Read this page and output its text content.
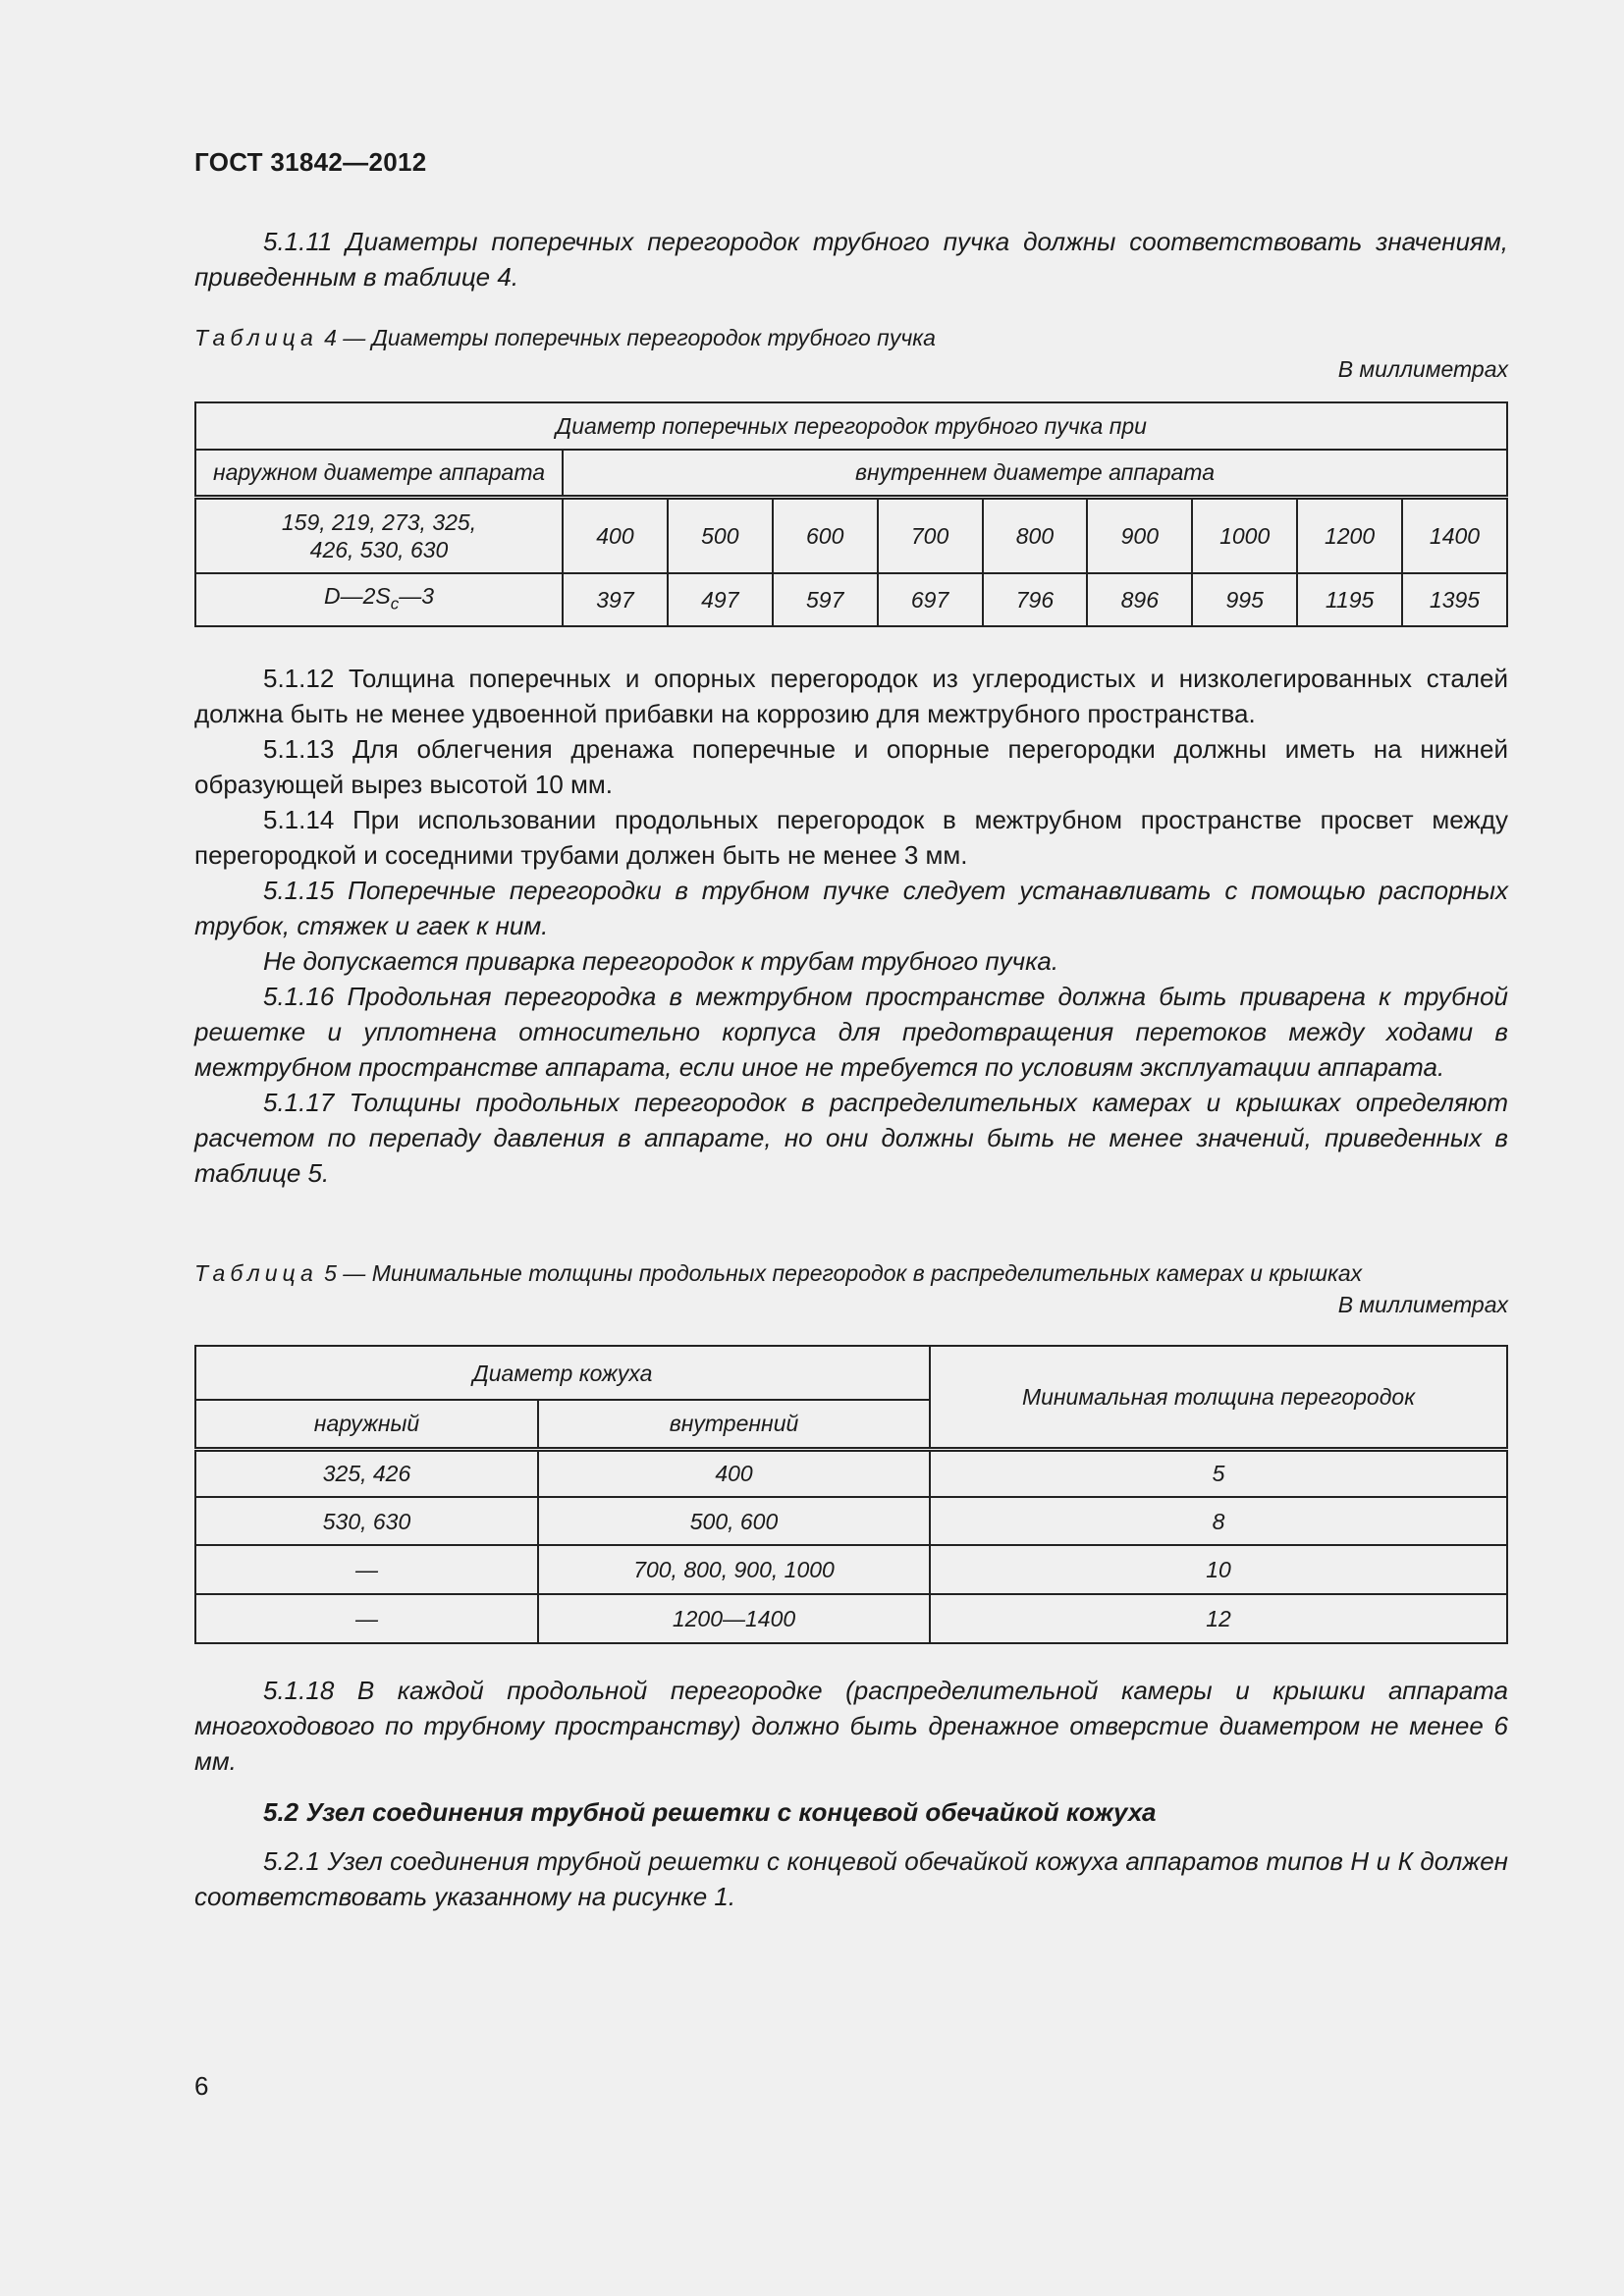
ГОСТ 31842—2012

5.1.11 Диаметры поперечных перегородок трубного пучка должны соответствовать значениям, приведенным в таблице 4.

Таблица 4 — Диаметры поперечных перегородок трубного пучка

В миллиметрах

Диаметр поперечных перегородок трубного пучка при									
наружном диаметре аппарата	внутреннем диаметре аппарата								
159, 219, 273, 325, 426, 530, 630	400	500	600	700	800	900	1000	1200	1400
$D—2S_с—3$	397	497	597	697	796	896	995	1195	1395

5.1.12 Толщина поперечных и опорных перегородок из углеродистых и низколегированных сталей должна быть не менее удвоенной прибавки на коррозию для межтрубного пространства.

5.1.13 Для облегчения дренажа поперечные и опорные перегородки должны иметь на нижней образующей вырез высотой 10 мм.

5.1.14 При использовании продольных перегородок в межтрубном пространстве просвет между перегородкой и соседними трубами должен быть не менее 3 мм.

5.1.15 Поперечные перегородки в трубном пучке следует устанавливать с помощью распорных трубок, стяжек и гаек к ним.

Не допускается приварка перегородок к трубам трубного пучка.

5.1.16 Продольная перегородка в межтрубном пространстве должна быть приварена к трубной решетке и уплотнена относительно корпуса для предотвращения перетоков между ходами в межтрубном пространстве аппарата, если иное не требуется по условиям эксплуатации аппарата.

5.1.17 Толщины продольных перегородок в распределительных камерах и крышках определяют расчетом по перепаду давления в аппарате, но они должны быть не менее значений, приведенных в таблице 5.

Таблица 5 — Минимальные толщины продольных перегородок в распределительных камерах и крышках

В миллиметрах

Диаметр кожуха		Минимальная толщина перегородок
наружный	внутренний	
325, 426	400	5
530, 630	500, 600	8
—	700, 800, 900, 1000	10
—	1200—1400	12

5.1.18 В каждой продольной перегородке (распределительной камеры и крышки аппарата многоходового по трубному пространству) должно быть дренажное отверстие диаметром не менее 6 мм.

5.2 Узел соединения трубной решетки с концевой обечайкой кожуха

5.2.1 Узел соединения трубной решетки с концевой обечайкой кожуха аппаратов типов Н и К должен соответствовать указанному на рисунке 1.

6
